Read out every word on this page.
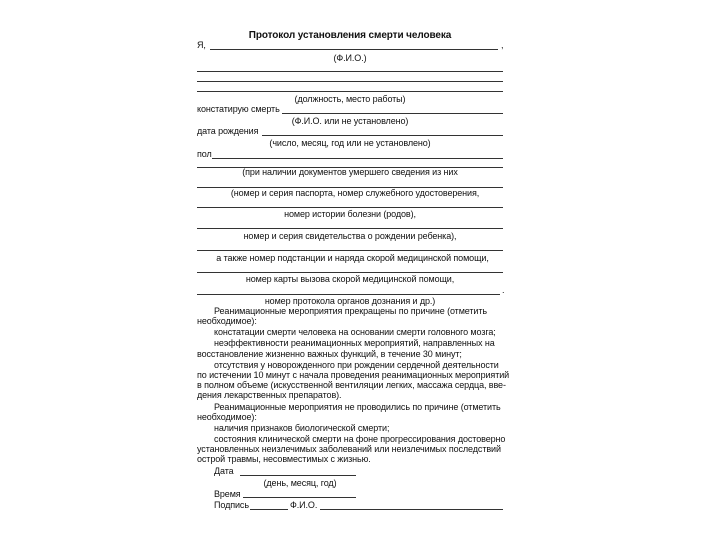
Протокол установления смерти человека
Я,	,
(Ф.И.О.)
(должность, место работы)
констатирую смерть
(Ф.И.О. или не установлено)
дата рождения
(число, месяц, год или не установлено)
пол
(при наличии документов умершего сведения из них
(номер и серия паспорта, номер служебного удостоверения,
номер истории болезни (родов),
номер и серия свидетельства о рождении ребенка),
а также номер подстанции и наряда скорой медицинской помощи,
номер карты вызова скорой медицинской помощи,
.
номер протокола органов дознания и др.)
Реанимационные мероприятия прекращены по причине (отметить
необходимое):
констатации смерти человека на основании смерти головного мозга;
неэффективности реанимационных мероприятий, направленных на
восстановление жизненно важных функций, в течение 30 минут;
отсутствия у новорожденного при рождении сердечной деятельности
по истечении 10 минут с начала проведения реанимационных мероприятий
в полном объеме (искусственной вентиляции легких, массажа сердца, вве-
дения лекарственных препаратов).
Реанимационные мероприятия не проводились по причине (отметить
необходимое):
наличия признаков биологической смерти;
состояния клинической смерти на фоне прогрессирования достоверно
установленных неизлечимых заболеваний или неизлечимых последствий
острой травмы, несовместимых с жизнью.
Дата
(день, месяц, год)
Время
Подпись	Ф.И.О.
